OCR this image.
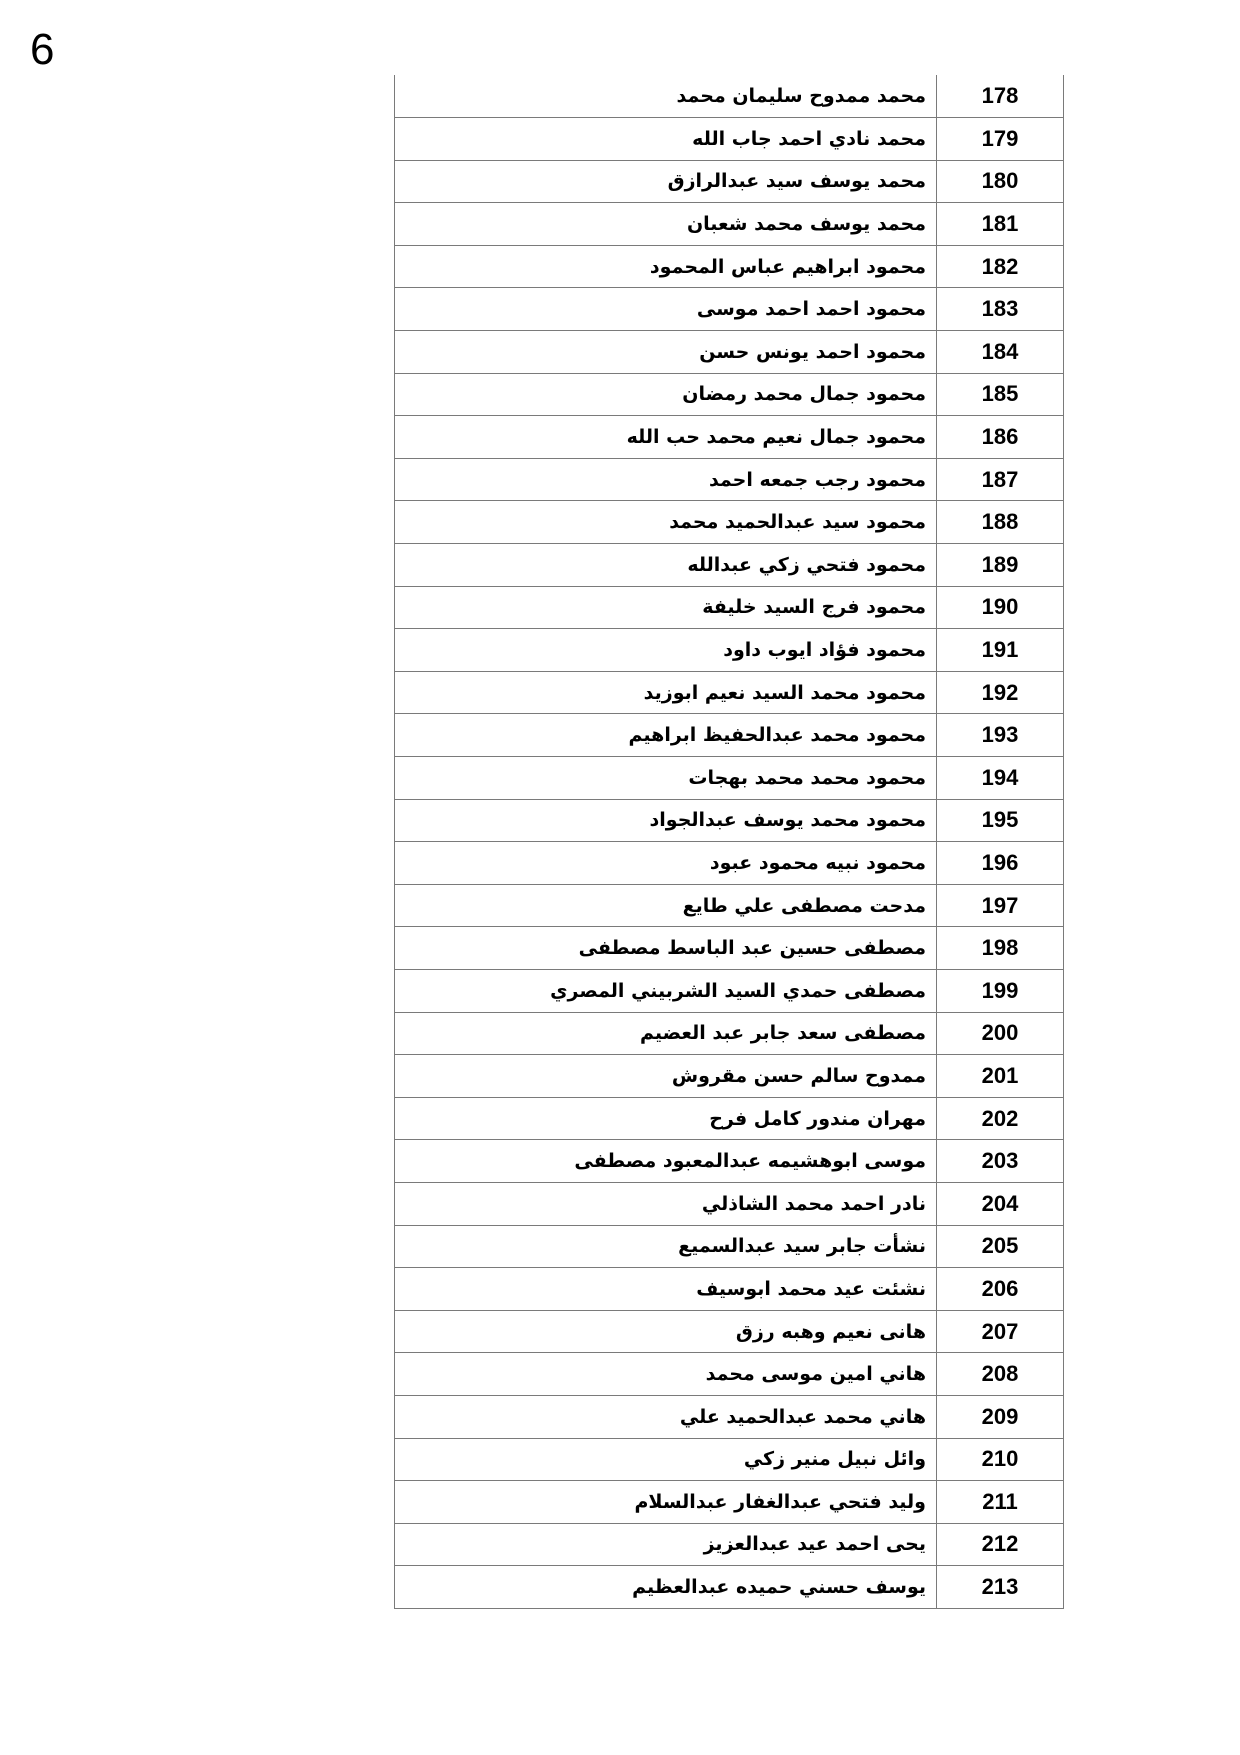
6
محمد ممدوح سليمان محمد	178
محمد نادي احمد جاب الله	179
محمد يوسف سيد عبدالرازق	180
محمد يوسف محمد شعبان	181
محمود ابراهيم عباس المحمود	182
محمود احمد احمد موسى	183
محمود احمد يونس حسن	184
محمود جمال محمد رمضان	185
محمود جمال نعيم محمد حب الله	186
محمود رجب جمعه احمد	187
محمود سيد عبدالحميد محمد	188
محمود فتحي زكي عبدالله	189
محمود فرج السيد خليفة	190
محمود فؤاد ايوب داود	191
محمود محمد السيد نعيم ابوزيد	192
محمود محمد عبدالحفيظ ابراهيم	193
محمود محمد محمد بهجات	194
محمود محمد يوسف عبدالجواد	195
محمود نبيه محمود عبود	196
مدحت مصطفى علي طايع	197
مصطفى حسين عبد الباسط مصطفى	198
مصطفى حمدي السيد الشربيني المصري	199
مصطفى سعد جابر عبد العضيم	200
ممدوح سالم حسن مقروش	201
مهران مندور كامل فرح	202
موسى ابوهشيمه عبدالمعبود مصطفى	203
نادر احمد محمد الشاذلي	204
نشأت جابر سيد عبدالسميع	205
نشئت عيد محمد ابوسيف	206
هانى نعيم وهبه رزق	207
هاني امين موسى محمد	208
هاني محمد عبدالحميد علي	209
وائل نبيل منير زكي	210
وليد فتحي عبدالغفار عبدالسلام	211
يحى احمد عيد عبدالعزيز	212
يوسف حسني حميده عبدالعظيم	213
